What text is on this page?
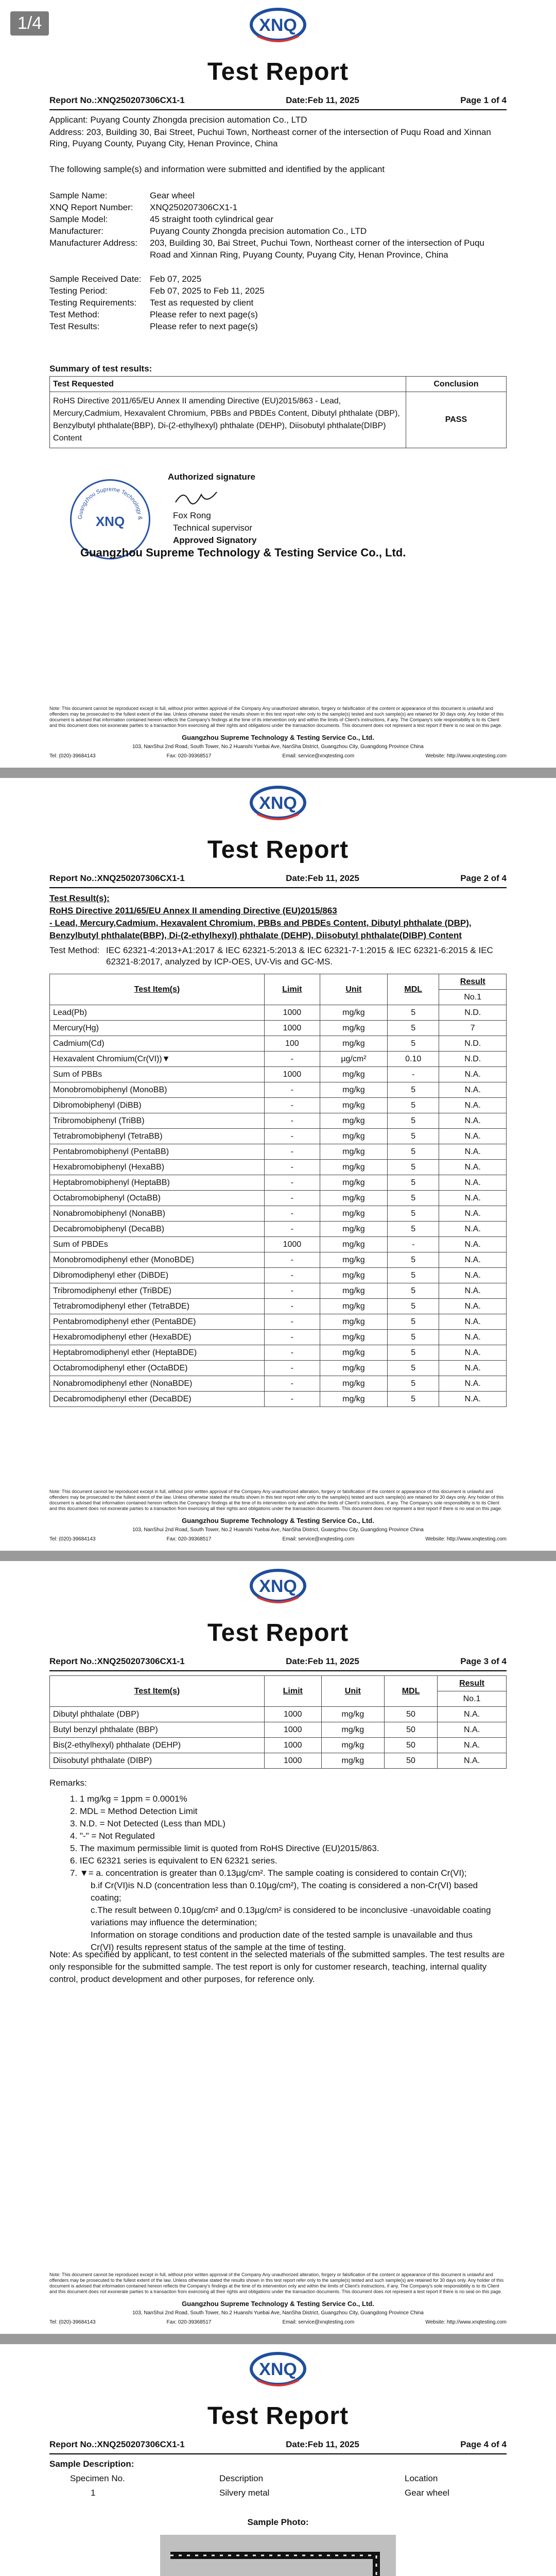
1/4	XNQ
Test Report
Report No.:XNQ250207306CX1-1	Date:Feb 11, 2025	Page 1 of 4
Applicant: Puyang County Zhongda precision automation Co., LTD
Address: 203, Building 30, Bai Street, Puchui Town, Northeast corner of the intersection of Puqu Road and Xinnan Ring, Puyang County, Puyang City, Henan Province, China
The following sample(s) and information were submitted and identified by the applicant
Sample Name:	Gear wheel
XNQ Report Number:	XNQ250207306CX1-1
Sample Model:	45 straight tooth cylindrical gear
Manufacturer:	Puyang County Zhongda precision automation Co., LTD
Manufacturer Address:	203, Building 30, Bai Street, Puchui Town, Northeast corner of the intersection of Puqu Road and Xinnan Ring, Puyang County, Puyang City, Henan Province, China
Sample Received Date: Feb 07, 2025
Testing Period:	Feb 07, 2025 to Feb 11, 2025
Testing Requirements:	Test as requested by client
Test Method:	Please refer to next page(s)
Test Results:	Please refer to next page(s)
Summary of test results:
Test Requested	Conclusion
RoHS Directive 2011/65/EU Annex II amending Directive (EU)2015/863 - Lead, Mercury,Cadmium, Hexavalent Chromium, PBBs and PBDEs Content, Dibutyl phthalate (DBP), Benzylbutyl phthalate(BBP), Di-(2-ethylhexyl) phthalate (DEHP), Diisobutyl phthalate(DIBP) Content	PASS
Authorized signature
Fox Rong
Technical supervisor
Approved Signatory
Guangzhou Supreme Technology &
XNQ
Guangzhou Supreme Technology & Testing Service Co., Ltd.
Note: This document cannot be reproduced except in full, without prior written approval of the Company Any unauthorized alteration, forgery or falsification of the content or appearance of this document is unlawful and offenders may be prosecuted to the fullest extent of the law. Unless otherwise stated the results shown in this test report refer only to the sample(s) tested and such sample(s) are retained for 30 days only. Any holder of this document is advised that information contained hereon reflects the Company's findings at the time of its intervention only and within the limits of Client's instructions, if any. The Company's sole responsibility is to its Client and this document does not exonerate parties to a transaction from exercising all their rights and obligations under the transaction documents. This document does not represent a test report if there is no seal on this page.
Guangzhou Supreme Technology & Testing Service Co., Ltd.
103, NanShui 2nd Road, South Tower, No.2 Huanshi Yuebai Ave, NanSha District, Guangzhou City, Guangdong Province China
Tel: (020)-39684143	Fax: 020-39368517	Email: service@xnqtesting.com	Website: http://www.xnqtesting.com
XNQ
Test Report
Report No.:XNQ250207306CX1-1	Date:Feb 11, 2025	Page 2 of 4
Test Result(s):
RoHS Directive 2011/65/EU Annex II amending Directive (EU)2015/863
- Lead, Mercury,Cadmium, Hexavalent Chromium, PBBs and PBDEs Content, Dibutyl phthalate (DBP),
Benzylbutyl phthalate(BBP), Di-(2-ethylhexyl) phthalate (DEHP), Diisobutyl phthalate(DIBP) Content
Test Method: IEC 62321-4:2013+A1:2017 & IEC 62321-5:2013 & IEC 62321-7-1:2015 & IEC 62321-6:2015 & IEC 62321-8:2017, analyzed by ICP-OES, UV-Vis and GC-MS.
Test Item(s)	Limit	Unit	MDL	Result
				No.1
Lead(Pb)	1000	mg/kg	5	N.D.
Mercury(Hg)	1000	mg/kg	5	7
Cadmium(Cd)	100	mg/kg	5	N.D.
Hexavalent Chromium(Cr(VI))▼	-	µg/cm²	0.10	N.D.
Sum of PBBs	1000	mg/kg	-	N.A.
Monobromobiphenyl (MonoBB)	-	mg/kg	5	N.A.
Dibromobiphenyl (DiBB)	-	mg/kg	5	N.A.
Tribromobiphenyl (TriBB)	-	mg/kg	5	N.A.
Tetrabromobiphenyl (TetraBB)	-	mg/kg	5	N.A.
Pentabromobiphenyl (PentaBB)	-	mg/kg	5	N.A.
Hexabromobiphenyl (HexaBB)	-	mg/kg	5	N.A.
Heptabromobiphenyl (HeptaBB)	-	mg/kg	5	N.A.
Octabromobiphenyl (OctaBB)	-	mg/kg	5	N.A.
Nonabromobiphenyl (NonaBB)	-	mg/kg	5	N.A.
Decabromobiphenyl (DecaBB)	-	mg/kg	5	N.A.
Sum of PBDEs	1000	mg/kg	-	N.A.
Monobromodiphenyl ether (MonoBDE)	-	mg/kg	5	N.A.
Dibromodiphenyl ether (DiBDE)	-	mg/kg	5	N.A.
Tribromodiphenyl ether (TriBDE)	-	mg/kg	5	N.A.
Tetrabromodiphenyl ether (TetraBDE)	-	mg/kg	5	N.A.
Pentabromodiphenyl ether (PentaBDE)	-	mg/kg	5	N.A.
Hexabromodiphenyl ether (HexaBDE)	-	mg/kg	5	N.A.
Heptabromodiphenyl ether (HeptaBDE)	-	mg/kg	5	N.A.
Octabromodiphenyl ether (OctaBDE)	-	mg/kg	5	N.A.
Nonabromodiphenyl ether (NonaBDE)	-	mg/kg	5	N.A.
Decabromodiphenyl ether (DecaBDE)	-	mg/kg	5	N.A.
Note: This document cannot be reproduced except in full, without prior written approval of the Company Any unauthorized alteration, forgery or falsification of the content or appearance of this document is unlawful and offenders may be prosecuted to the fullest extent of the law. Unless otherwise stated the results shown in this test report refer only to the sample(s) tested and such sample(s) are retained for 30 days only. Any holder of this document is advised that information contained hereon reflects the Company's findings at the time of its intervention only and within the limits of Client's instructions, if any. The Company's sole responsibility is to its Client and this document does not exonerate parties to a transaction from exercising all their rights and obligations under the transaction documents. This document does not represent a test report if there is no seal on this page.
Guangzhou Supreme Technology & Testing Service Co., Ltd.
103, NanShui 2nd Road, South Tower, No.2 Huanshi Yuebai Ave, NanSha District, Guangzhou City, Guangdong Province China
Tel: (020)-39684143	Fax: 020-39368517	Email: service@xnqtesting.com	Website: http://www.xnqtesting.com
XNQ
Test Report
Report No.:XNQ250207306CX1-1	Date:Feb 11, 2025	Page 3 of 4
Test Item(s)	Limit	Unit	MDL	Result
				No.1
Dibutyl phthalate (DBP)	1000	mg/kg	50	N.A.
Butyl benzyl phthalate (BBP)	1000	mg/kg	50	N.A.
Bis(2-ethylhexyl) phthalate (DEHP)	1000	mg/kg	50	N.A.
Diisobutyl phthalate (DIBP)	1000	mg/kg	50	N.A.
Remarks:
1. 1 mg/kg = 1ppm = 0.0001%
2. MDL = Method Detection Limit
3. N.D. = Not Detected (Less than MDL)
4. "-" = Not Regulated
5. The maximum permissible limit is quoted from RoHS Directive (EU)2015/863.
6. IEC 62321 series is equivalent to EN 62321 series.
7. ▼= a. concentration is greater than 0.13µg/cm². The sample coating is considered to contain Cr(VI);
b.if Cr(VI)is N.D (concentration less than 0.10µg/cm²), The coating is considered a non-Cr(VI) based coating;
c.The result between 0.10µg/cm² and 0.13µg/cm² is considered to be inconclusive -unavoidable coating variations may influence the determination;
Information on storage conditions and production date of the tested sample is unavailable and thus Cr(VI) results represent status of the sample at the time of testing.
Note: As specified by applicant, to test content in the selected materials of the submitted samples. The test results are only responsible for the submitted sample. The test report is only for customer research, teaching, internal quality control, product development and other purposes, for reference only.
Note: This document cannot be reproduced except in full, without prior written approval of the Company Any unauthorized alteration, forgery or falsification of the content or appearance of this document is unlawful and offenders may be prosecuted to the fullest extent of the law. Unless otherwise stated the results shown in this test report refer only to the sample(s) tested and such sample(s) are retained for 30 days only. Any holder of this document is advised that information contained hereon reflects the Company's findings at the time of its intervention only and within the limits of Client's instructions, if any. The Company's sole responsibility is to its Client and this document does not exonerate parties to a transaction from exercising all their rights and obligations under the transaction documents. This document does not represent a test report if there is no seal on this page.
Guangzhou Supreme Technology & Testing Service Co., Ltd.
103, NanShui 2nd Road, South Tower, No.2 Huanshi Yuebai Ave, NanSha District, Guangzhou City, Guangdong Province China
Tel: (020)-39684143	Fax: 020-39368517	Email: service@xnqtesting.com	Website: http://www.xnqtesting.com
XNQ
Test Report
Report No.:XNQ250207306CX1-1	Date:Feb 11, 2025	Page 4 of 4
Sample Description:
Specimen No.	Description	Location
1	Silvery metal	Gear wheel
Sample Photo:
